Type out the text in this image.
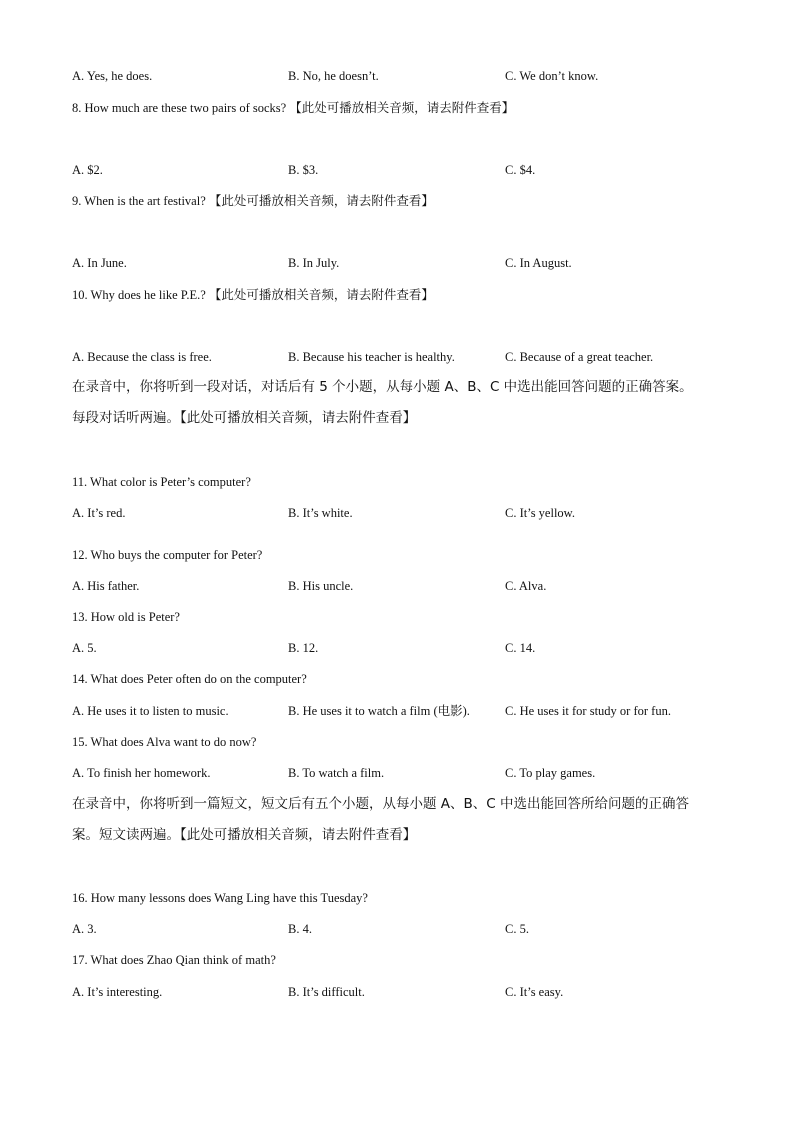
A. Yes, he does.	B. No, he doesn’t.	C. We don’t know.
8. How much are these two pairs of socks? 【此处可播放相关音频，请去附件查看】
A. $2.	B. $3.	C. $4.
9. When is the art festival? 【此处可播放相关音频，请去附件查看】
A. In June.	B. In July.	C. In August.
10. Why does he like P.E.? 【此处可播放相关音频，请去附件查看】
A. Because the class is free.	B. Because his teacher is healthy.	C. Because of a great teacher.
在录音中，你将听到一段对话，对话后有 5 个小题，从每小题 A、B、C 中选出能回答问题的正确答案。
每段对话听两遍。【此处可播放相关音频，请去附件查看】
11. What color is Peter’s computer?
A. It’s red.	B. It’s white.	C. It’s yellow.
12. Who buys the computer for Peter?
A. His father.	B. His uncle.	C. Alva.
13. How old is Peter?
A. 5.	B. 12.	C. 14.
14. What does Peter often do on the computer?
A. He uses it to listen to music.	B. He uses it to watch a film (电影).	C. He uses it for study or for fun.
15. What does Alva want to do now?
A. To finish her homework.	B. To watch a film.	C. To play games.
在录音中，你将听到一篇短文，短文后有五个小题，从每小题 A、B、C 中选出能回答所给问题的正确答
案。短文读两遍。【此处可播放相关音频，请去附件查看】
16. How many lessons does Wang Ling have this Tuesday?
A. 3.	B. 4.	C. 5.
17. What does Zhao Qian think of math?
A. It’s interesting.	B. It’s difficult.	C. It’s easy.
